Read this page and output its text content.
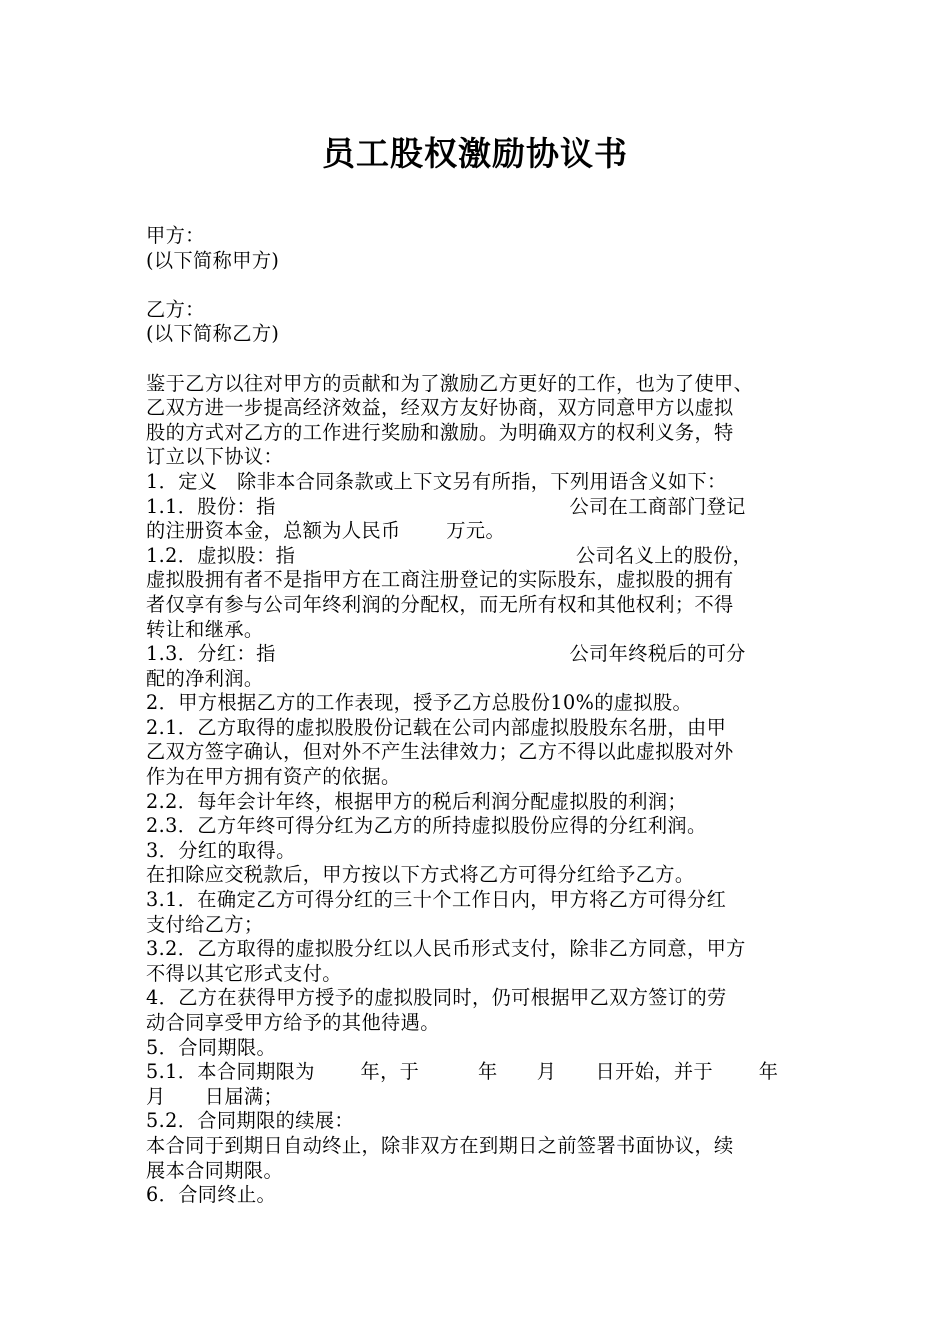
员工股权激励协议书
甲方：
(以下简称甲方)
乙方：
(以下简称乙方)
鉴于乙方以往对甲方的贡献和为了激励乙方更好的工作，也为了使甲、
乙双方进一步提高经济效益，经双方友好协商，双方同意甲方以虚拟
股的方式对乙方的工作进行奖励和激励。为明确双方的权利义务，特
订立以下协议：
1．定义　除非本合同条款或上下文另有所指，下列用语含义如下：
1.1．股份：指　　　　　　　　　　　　　　　公司在工商部门登记
的注册资本金，总额为人民币　　 万元。
1.2．虚拟股：指　　　　　　　　　　　　　　 公司名义上的股份，
虚拟股拥有者不是指甲方在工商注册登记的实际股东，虚拟股的拥有
者仅享有参与公司年终利润的分配权，而无所有权和其他权利；不得
转让和继承。
1.3．分红：指　　　　　　　　　　　　　　　公司年终税后的可分
配的净利润。
2．甲方根据乙方的工作表现，授予乙方总股份10%的虚拟股。
2.1．乙方取得的虚拟股股份记载在公司内部虚拟股股东名册，由甲
乙双方签字确认，但对外不产生法律效力；乙方不得以此虚拟股对外
作为在甲方拥有资产的依据。
2.2．每年会计年终，根据甲方的税后利润分配虚拟股的利润；
2.3．乙方年终可得分红为乙方的所持虚拟股份应得的分红利润。
3．分红的取得。
在扣除应交税款后，甲方按以下方式将乙方可得分红给予乙方。
3.1．在确定乙方可得分红的三十个工作日内，甲方将乙方可得分红
支付给乙方；
3.2．乙方取得的虚拟股分红以人民币形式支付，除非乙方同意，甲方
不得以其它形式支付。
4．乙方在获得甲方授予的虚拟股同时，仍可根据甲乙双方签订的劳
动合同享受甲方给予的其他待遇。
5．合同期限。
5.1．本合同期限为　　 年，于　　　年　　月　　日开始，并于　　 年
月　　日届满；
5.2．合同期限的续展：
本合同于到期日自动终止，除非双方在到期日之前签署书面协议，续
展本合同期限。
6．合同终止。
